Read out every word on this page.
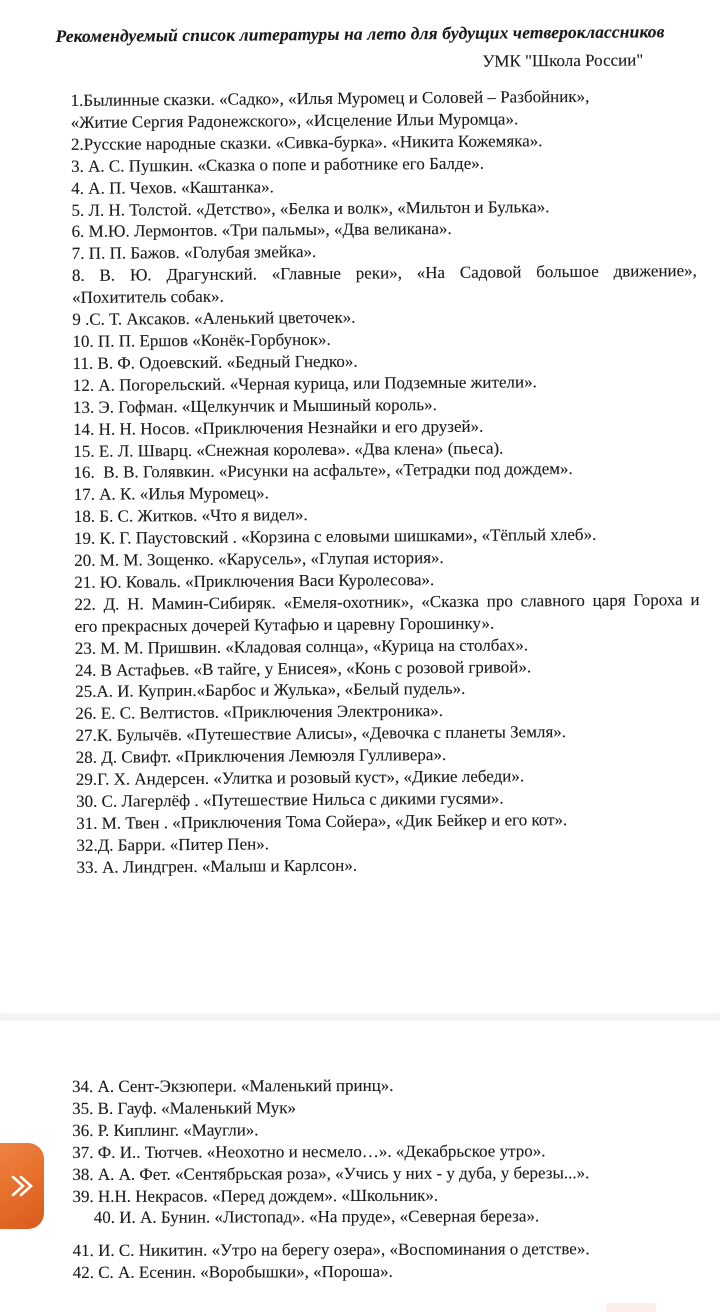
Рекомендуемый список литературы на лето для будущих четвероклассников
УМК "Школа России"
1.Былинные сказки. «Садко», «Илья Муромец и Соловей – Разбойник»,
«Житие Сергия Радонежского», «Исцеление Ильи Муромца».
2.Русские народные сказки. «Сивка-бурка». «Никита Кожемяка».
3. А. С. Пушкин. «Сказка о попе и работнике его Балде».
4. А. П. Чехов. «Каштанка».
5. Л. Н. Толстой. «Детство», «Белка и волк», «Мильтон и Булька».
6. М.Ю. Лермонтов. «Три пальмы», «Два великана».
7. П. П. Бажов. «Голубая змейка».
8. В. Ю. Драгунский. «Главные реки», «На Садовой большое движение»,
«Похититель собак».
9 .С. Т. Аксаков. «Аленький цветочек».
10. П. П. Ершов «Конёк-Горбунок».
11. В. Ф. Одоевский. «Бедный Гнедко».
12. А. Погорельский. «Черная курица, или Подземные жители».
13. Э. Гофман. «Щелкунчик и Мышиный король».
14. Н. Н. Носов. «Приключения Незнайки и его друзей».
15. Е. Л. Шварц. «Снежная королева». «Два клена» (пьеса).
16.  В. В. Голявкин. «Рисунки на асфальте», «Тетрадки под дождем».
17. А. К. «Илья Муромец».
18. Б. С. Житков. «Что я видел».
19. К. Г. Паустовский . «Корзина с еловыми шишками», «Тёплый хлеб».
20. М. М. Зощенко. «Карусель», «Глупая история».
21. Ю. Коваль. «Приключения Васи Куролесова».
22. Д. Н. Мамин-Сибиряк. «Емеля-охотник», «Сказка про славного царя Гороха и
его прекрасных дочерей Кутафью и царевну Горошинку».
23. М. М. Пришвин. «Кладовая солнца», «Курица на столбах».
24. В Астафьев. «В тайге, у Енисея», «Конь с розовой гривой».
25.А. И. Куприн.«Барбос и Жулька», «Белый пудель».
26. Е. С. Велтистов. «Приключения Электроника».
27.К. Булычёв. «Путешествие Алисы», «Девочка с планеты Земля».
28. Д. Свифт. «Приключения Лемюэля Гулливера».
29.Г. Х. Андерсен. «Улитка и розовый куст», «Дикие лебеди».
30. С. Лагерлёф . «Путешествие Нильса с дикими гусями».
31. М. Твен . «Приключения Тома Сойера», «Дик Бейкер и его кот».
32.Д. Барри. «Питер Пен».
33. А. Линдгрен. «Малыш и Карлсон».
34. А. Сент-Экзюпери. «Маленький принц».
35. В. Гауф. «Маленький Мук»
36. Р. Киплинг. «Маугли».
37. Ф. И.. Тютчев. «Неохотно и несмело…». «Декабрьское утро».
38. А. А. Фет. «Сентябрьская роза», «Учись у них - у дуба, у березы...».
39. Н.Н. Некрасов. «Перед дождем». «Школьник».
40. И. А. Бунин. «Листопад». «На пруде», «Северная береза».
41. И. С. Никитин. «Утро на берегу озера», «Воспоминания о детстве».
42. С. А. Есенин. «Воробышки», «Пороша».
